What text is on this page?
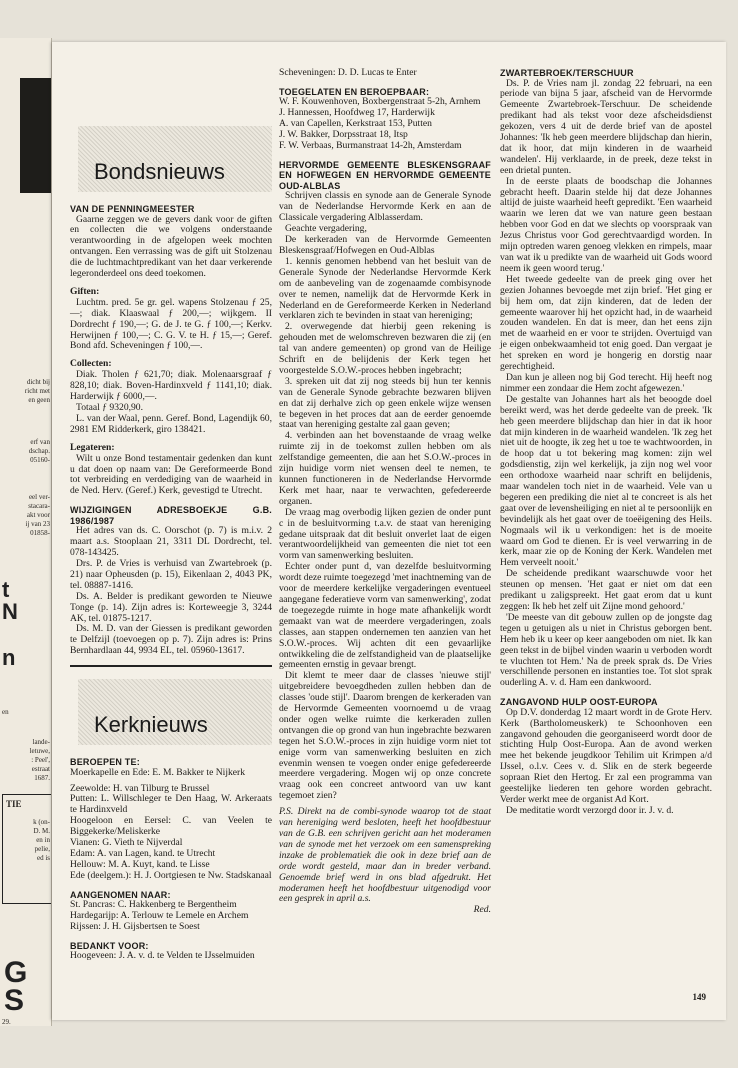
dicht bij
richt met
en geen
erf van
dschap.
05160-
eel ver-
stacara-
akt voor
ij van 23
01858-
t
N
n
en
lande-
letuwe,
: Peel',
estraat
1687.
TIE
k (on-
D. M.
en in
pelie,
ed is
G
S
29.
Bondsnieuws
VAN DE PENNINGMEESTER

Gaarne zeggen we de gevers dank voor de giften en collecten die we volgens onderstaande verantwoording in de afgelopen week mochten ontvangen. Een verrassing was de gift uit Stolzenau die de luchtmachtpredikant van het daar verkerende legeronderdeel ons deed toekomen.

Giften:

Luchtm. pred. 5e gr. gel. wapens Stolzenau ƒ 25,—; diak. Klaaswaal ƒ 200,—; wijkgem. II Dordrecht ƒ 190,—; G. de J. te G. ƒ 100,—; Kerkv. Herwijnen ƒ 100,—; C. G. V. te H. ƒ 15,—; Geref. Bond afd. Scheveningen ƒ 100,—.

Collecten:

Diak. Tholen ƒ 621,70; diak. Molenaarsgraaf ƒ 828,10; diak. Boven-Hardinxveld ƒ 1141,10; diak. Harderwijk ƒ 6000,—.

Totaal ƒ 9320,90.

L. van der Waal, penn. Geref. Bond, Lagendijk 60, 2981 EM Ridderkerk, giro 138421.

Legateren:

Wilt u onze Bond testamentair gedenken dan kunt u dat doen op naam van: De Gereformeerde Bond tot verbreiding en verdediging van de waarheid in de Ned. Herv. (Geref.) Kerk, gevestigd te Utrecht.

WIJZIGINGEN ADRESBOEKJE G.B. 1986/1987

Het adres van ds. C. Oorschot (p. 7) is m.i.v. 2 maart a.s. Stooplaan 21, 3311 DL Dordrecht, tel. 078-143425.

Drs. P. de Vries is verhuisd van Zwartebroek (p. 21) naar Opheusden (p. 15), Eikenlaan 2, 4043 PK, tel. 08887-1416.

Ds. A. Belder is predikant geworden te Nieuwe Tonge (p. 14). Zijn adres is: Korteweegje 3, 3244 AK, tel. 01875-1217.

Ds. M. D. van der Giessen is predikant geworden te Delfzijl (toevoegen op p. 7). Zijn adres is: Prins Bernhardlaan 44, 9934 EL, tel. 05960-13617.

Kerknieuws
BEROEPEN TE:

Moerkapelle en Ede: E. M. Bakker te Nijkerk

Zeewolde: H. van Tilburg te Brussel

Putten: L. Willschleger te Den Haag, W. Arkeraats te Hardinxveld

Hoogeloon en Eersel: C. van Veelen te Biggekerke/Meliskerke

Vianen: G. Vieth te Nijverdal

Edam: A. van Lagen, kand. te Utrecht

Hellouw: M. A. Kuyt, kand. te Lisse

Ede (deelgem.): H. J. Oortgiesen te Nw. Stadskanaal

AANGENOMEN NAAR:

St. Pancras: C. Hakkenberg te Bergentheim

Hardegarijp: A. Terlouw te Lemele en Archem

Rijssen: J. H. Gijsbertsen te Soest

BEDANKT VOOR:

Hoogeveen: J. A. v. d. te Velden te IJsselmuiden

Scheveningen: D. D. Lucas te Enter

TOEGELATEN EN BEROEPBAAR:

W. F. Kouwenhoven, Boxbergenstraat 5-2h, Arnhem

J. Hannessen, Hoofdweg 17, Harderwijk

A. van Capellen, Kerkstraat 153, Putten

J. W. Bakker, Dorpsstraat 18, Itsp

F. W. Verbaas, Burmanstraat 14-2h, Amsterdam

HERVORMDE GEMEENTE BLESKENSGRAAF EN HOFWEGEN EN HERVORMDE GEMEENTE OUD-ALBLAS

Schrijven classis en synode aan de Generale Synode van de Nederlandse Hervormde Kerk en aan de Classicale vergadering Alblasserdam.

Geachte vergadering,

De kerkeraden van de Hervormde Gemeenten Bleskensgraaf/Hofwegen en Oud-Alblas

1. kennis genomen hebbend van het besluit van de Generale Synode der Nederlandse Hervormde Kerk om de aanbeveling van de zogenaamde combisynode over te nemen, namelijk dat de Hervormde Kerk in Nederland en de Gereformeerde Kerken in Nederland verklaren zich te bevinden in staat van hereniging;

2. overwegende dat hierbij geen rekening is gehouden met de welomschreven bezwaren die zij (en tal van andere gemeenten) op grond van de Heilige Schrift en de belijdenis der Kerk tegen het voorgestelde S.O.W.-proces hebben ingebracht;

3. spreken uit dat zij nog steeds bij hun ter kennis van de Generale Synode gebrachte bezwaren blijven en dat zij derhalve zich op geen enkele wijze wensen te begeven in het proces dat aan de eerder genoemde staat van hereniging gestalte zal gaan geven;

4. verbinden aan het bovenstaande de vraag welke ruimte zij in de toekomst zullen hebben om als zelfstandige gemeenten, die aan het S.O.W.-proces in zijn huidige vorm niet wensen deel te nemen, te kunnen functioneren in de Nederlandse Hervormde Kerk met haar, naar te verwachten, gefedereerde organen.

De vraag mag overbodig lijken gezien de onder punt c in de besluitvorming t.a.v. de staat van hereniging gedane uitspraak dat dit besluit onverlet laat de eigen verantwoordelijkheid van gemeenten die niet tot een vorm van samenwerking besluiten.

Echter onder punt d, van dezelfde besluitvorming wordt deze ruimte toegezegd 'met inachtneming van de voor de meerdere kerkelijke vergaderingen eventueel aangegane federatieve vorm van samenwerking', zodat de toegezegde ruimte in hoge mate afhankelijk wordt gemaakt van wat de meerdere vergaderingen, zoals classes, aan stappen ondernemen ten aanzien van het S.O.W.-proces. Wij achten dit een gevaarlijke ontwikkeling die de zelfstandigheid van de plaatselijke gemeenten ernstig in gevaar brengt.

Dit klemt te meer daar de classes 'nieuwe stijl' uitgebreidere bevoegdheden zullen hebben dan de classes 'oude stijl'. Daarom brengen de kerkeraden van de Hervormde Gemeenten voornoemd u de vraag onder ogen welke ruimte die kerkeraden zullen ontvangen die op grond van hun ingebrachte bezwaren tegen het S.O.W.-proces in zijn huidige vorm niet tot enige vorm van samenwerking besluiten en zich evenmin wensen te voegen onder enige gefedereerde meerdere vergadering. Mogen wij op onze concrete vraag ook een concreet antwoord van uw kant tegemoet zien?

P.S. Direkt na de combi-synode waarop tot de staat van hereniging werd besloten, heeft het hoofdbestuur van de G.B. een schrijven gericht aan het moderamen van de synode met het verzoek om een samenspreking inzake de problematiek die ook in deze brief aan de orde wordt gesteld, maar dan in breder verband. Genoemde brief werd in ons blad afgedrukt. Het moderamen heeft het hoofdbestuur uitgenodigd voor een gesprek in april a.s.

Red.

ZWARTEBROEK/TERSCHUUR

Ds. P. de Vries nam jl. zondag 22 februari, na een periode van bijna 5 jaar, afscheid van de Hervormde Gemeente Zwartebroek-Terschuur. De scheidende predikant had als tekst voor deze afscheidsdienst gekozen, vers 4 uit de derde brief van de apostel Johannes: 'Ik heb geen meerdere blijdschap dan hierin, dat ik hoor, dat mijn kinderen in de waarheid wandelen'. Hij verklaarde, in de preek, deze tekst in een drietal punten.

In de eerste plaats de boodschap die Johannes gebracht heeft. Daarin stelde hij dat deze Johannes altijd de juiste waarheid heeft gepredikt. 'Een waarheid waarin we leren dat we van nature geen bestaan hebben voor God en dat we slechts op voorspraak van Jezus Christus voor God gerechtvaardigd worden. In mijn optreden waren genoeg vlekken en rimpels, maar van wat ik u predikte van de waarheid uit Gods woord neem ik geen woord terug.'

Het tweede gedeelte van de preek ging over het gezien Johannes bevoegde met zijn brief. 'Het ging er bij hem om, dat zijn kinderen, dat de leden der gemeente waarover hij het opzicht had, in de waarheid zouden wandelen. En dat is meer, dan het eens zijn met de waarheid en er voor te strijden. Overtuigd van je eigen onbekwaamheid tot enig goed. Dan vergaat je het spreken en word je hongerig en dorstig naar gerechtigheid.

Dan kun je alleen nog bij God terecht. Hij heeft nog nimmer een zondaar die Hem zocht afgewezen.'

De gestalte van Johannes hart als het beoogde doel bereikt werd, was het derde gedeelte van de preek. 'Ik heb geen meerdere blijdschap dan hier in dat ik hoor dat mijn kinderen in de waarheid wandelen. 'Ik zeg het niet uit de hoogte, ik zeg het u toe te wachtwoorden, in de hoop dat u tot bekering mag komen: zijn wel godsdienstig, zijn wel kerkelijk, ja zijn nog wel voor een orthodoxe waarheid naar schrift en belijdenis, maar wandelen toch niet in de waarheid. Vele van u begeren een prediking die niet al te concreet is als het gaat over de levensheiliging en niet al te persoonlijk en bevindelijk als het gaat over de toeëigening des Heils. Nogmaals wil ik u verkondigen: het is de moeite waard om God te dienen. Er is veel verwarring in de kerk, maar zie op de Koning der Kerk. Wandelen met Hem verveelt nooit.'

De scheidende predikant waarschuwde voor het steunen op mensen. 'Het gaat er niet om dat een predikant u zaligspreekt. Het gaat erom dat u kunt zeggen: Ik heb het zelf uit Zijne mond gehoord.'

'De meeste van dit gebouw zullen op de jongste dag tegen u getuigen als u niet in Christus geborgen bent. Hem heb ik u keer op keer aangeboden om niet. Ik kan geen tekst in de bijbel vinden waarin u verboden wordt te vluchten tot Hem.' Na de preek sprak ds. De Vries verschillende personen en instanties toe. Tot slot sprak ouderling A. v. d. Ham een dankwoord.

ZANGAVOND HULP OOST-EUROPA

Op D.V. donderdag 12 maart wordt in de Grote Herv. Kerk (Bartholomeuskerk) te Schoonhoven een zangavond gehouden die georganiseerd wordt door de stichting Hulp Oost-Europa. Aan de avond werken mee het bekende jeugdkoor Tehilim uit Krimpen a/d IJssel, o.l.v. Cees v. d. Slik en de sterk begeerde sopraan Riet den Hertog. Er zal een programma van geestelijke liederen ten gehore worden gebracht. Verder werkt mee de organist Ad Kort.

De meditatie wordt verzorgd door ir. J. v. d.

149
